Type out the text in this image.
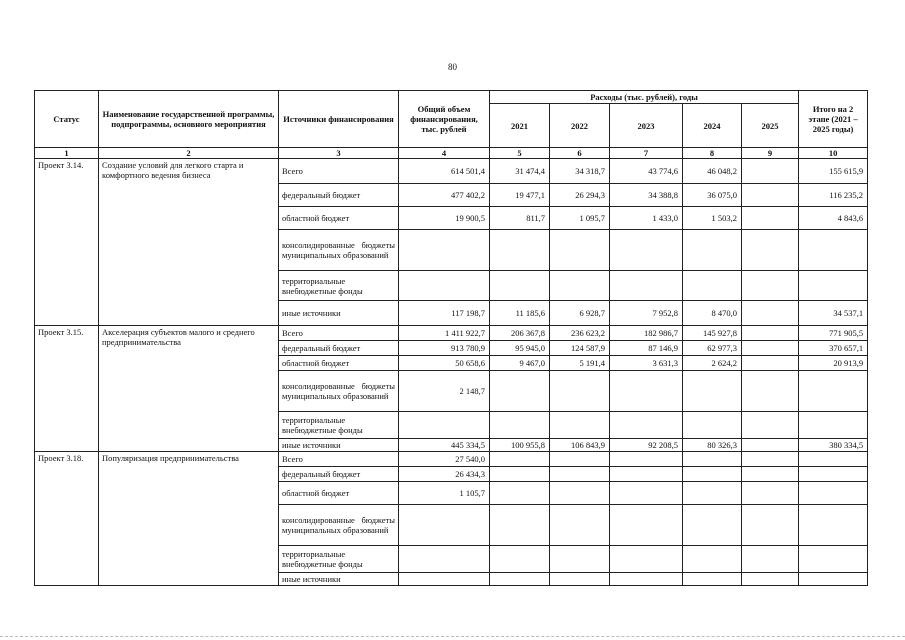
80
Статус	Наименование государственной программы, подпрограммы, основного мероприятия	Источники финансирования	Общий объем финансирования, тыс. рублей	Расходы (тыс. рублей), годы					Итого на 2 этапе (2021 – 2025 годы)
				2021	2022	2023	2024	2025	
1	2	3	4	5	6	7	8	9	10
Проект 3.14.	Создание условий для легкого старта и комфортного ведения бизнеса	Всего	614 501,4	31 474,4	34 318,7	43 774,6	46 048,2		155 615,9
		федеральный бюджет	477 402,2	19 477,1	26 294,3	34 388,8	36 075,0		116 235,2
		областной бюджет	19 900,5	811,7	1 095,7	1 433,0	1 503,2		4 843,6
		консолидированные бюджеты муниципальных образований							
		территориальные внебюджетные фонды							
		иные источники	117 198,7	11 185,6	6 928,7	7 952,8	8 470,0		34 537,1
Проект 3.15.	Акселерация субъектов малого и среднего предпринимательства	Всего	1 411 922,7	206 367,8	236 623,2	182 986,7	145 927,8		771 905,5
		федеральный бюджет	913 780,9	95 945,0	124 587,9	87 146,9	62 977,3		370 657,1
		областной бюджет	50 658,6	9 467,0	5 191,4	3 631,3	2 624,2		20 913,9
		консолидированные бюджеты муниципальных образований	2 148,7						
		территориальные внебюджетные фонды							
		иные источники	445 334,5	100 955,8	106 843,9	92 208,5	80 326,3		380 334,5
Проект 3.18.	Популяризация предпринимательства	Всего	27 540,0						
		федеральный бюджет	26 434,3						
		областной бюджет	1 105,7						
		консолидированные бюджеты муниципальных образований							
		территориальные внебюджетные фонды							
		иные источники							
